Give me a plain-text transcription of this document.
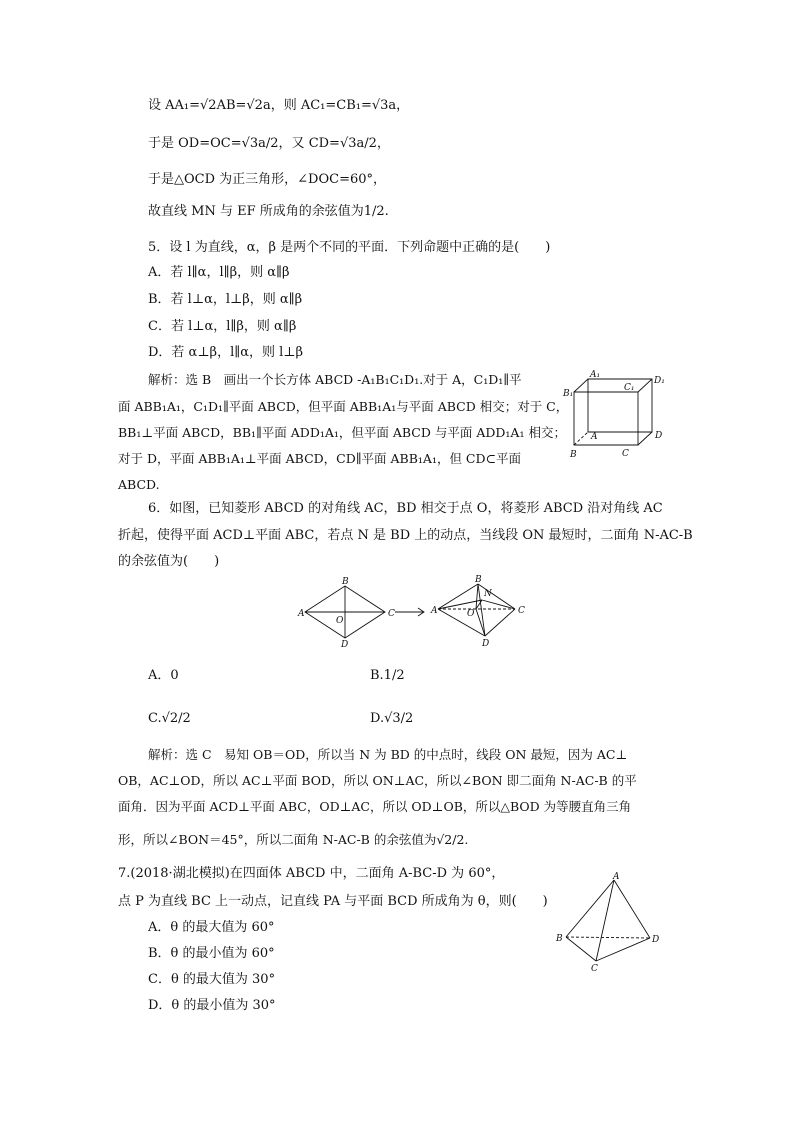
设 AA₁=√2AB=√2a，则 AC₁=CB₁=√3a，
于是 OD=OC=√3a/2，又 CD=√3a/2，
于是△OCD 为正三角形，∠DOC=60°，
故直线 MN 与 EF 所成角的余弦值为1/2.
5．设 l 为直线，α，β 是两个不同的平面．下列命题中正确的是(　　)
A．若 l∥α，l∥β，则 α∥β
B．若 l⊥α，l⊥β，则 α∥β
C．若 l⊥α，l∥β，则 α∥β
D．若 α⊥β，l∥α，则 l⊥β
解析：选 B　画出一个长方体 ABCD -A₁B₁C₁D₁.对于 A，C₁D₁∥平
面 ABB₁A₁，C₁D₁∥平面 ABCD，但平面 ABB₁A₁与平面 ABCD 相交；对于 C，
BB₁⊥平面 ABCD，BB₁∥平面 ADD₁A₁，但平面 ABCD 与平面 ADD₁A₁ 相交；
对于 D，平面 ABB₁A₁⊥平面 ABCD，CD∥平面 ABB₁A₁，但 CD⊂平面
ABCD.
A₁
D₁
B₁
C₁
A	D
B	C
6．如图，已知菱形 ABCD 的对角线 AC，BD 相交于点 O，将菱形 ABCD 沿对角线 AC
折起，使得平面 ACD⊥平面 ABC，若点 N 是 BD 上的动点，当线段 ON 最短时，二面角 N-AC-B
的余弦值为(　　)
A
B
C
D
O
A
B
C
D
O
N
A．0	B.1/2
C.√2/2	D.√3/2
解析：选 C　易知 OB＝OD，所以当 N 为 BD 的中点时，线段 ON 最短，因为 AC⊥
OB，AC⊥OD，所以 AC⊥平面 BOD，所以 ON⊥AC，所以∠BON 即二面角 N-AC-B 的平
面角．因为平面 ACD⊥平面 ABC，OD⊥AC，所以 OD⊥OB，所以△BOD 为等腰直角三角
形，所以∠BON＝45°，所以二面角 N-AC-B 的余弦值为√2/2.
7.(2018·湖北模拟)在四面体 ABCD 中，二面角 A-BC-D 为 60°，
点 P 为直线 BC 上一动点，记直线 PA 与平面 BCD 所成角为 θ，则(　　)
A．θ 的最大值为 60°
B．θ 的最小值为 60°
C．θ 的最大值为 30°
D．θ 的最小值为 30°
A
B
C
D
